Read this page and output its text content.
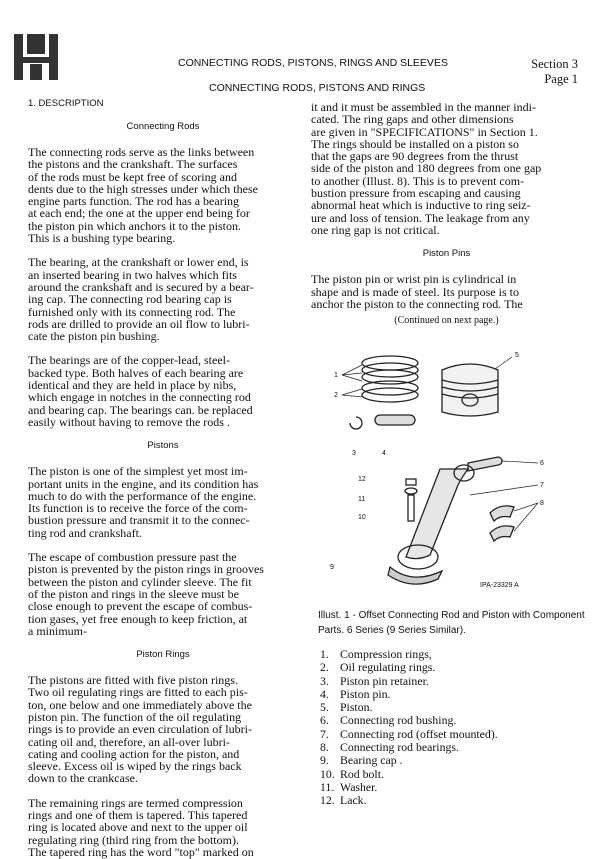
CONNECTING RODS, PISTONS, RINGS AND SLEEVES	Section 3
Page 1
CONNECTING RODS, PISTONS AND RINGS

1. DESCRIPTION

Connecting Rods

The connecting rods serve as the links between
the pistons and the crankshaft. The surfaces
of the rods must be kept free of scoring and
dents due to the high stresses under which these
engine parts function. The rod has a bearing
at each end; the one at the upper end being for
the piston pin which anchors it to the piston.
This is a bushing type bearing.

The bearing, at the crankshaft or lower end, is
an inserted bearing in two halves which fits
around the crankshaft and is secured by a bear-
ing cap. The connecting rod bearing cap is
furnished only with its connecting rod. The
rods are drilled to provide an oil flow to lubri-
cate the piston pin bushing.

The bearings are of the copper-lead, steel-
backed type. Both halves of each bearing are
identical and they are held in place by nibs,
which engage in notches in the connecting rod
and bearing cap. The bearings can. be replaced
easily without having to remove the rods .

Pistons

The piston is one of the simplest yet most im-
portant units in the engine, and its condition has
much to do with the performance of the engine.
Its function is to receive the force of the com-
bustion pressure and transmit it to the connec-
ting rod and crankshaft.

The escape of combustion pressure past the
piston is prevented by the piston rings in grooves
between the piston and cylinder sleeve. The fit
of the piston and rings in the sleeve must be
close enough to prevent the escape of combus-
tion gases, yet free enough to keep friction, at
a minimum-

Piston Rings

The pistons are fitted with five piston rings.
Two oil regulating rings are fitted to each pis-
ton, one below and one immediately above the
piston pin. The function of the oil regulating
rings is to provide an even circulation of lubri-
cating oil and, therefore, an all-over lubri-
cating and cooling action for the piston, and
sleeve. Excess oil is wiped by the rings back
down to the crankcase.

The remaining rings are termed compression
rings and one of them is tapered. This tapered
ring is located above and next to the upper oil
regulating ring (third ring from the bottom).
The tapered ring has the word "top" marked on

it and it must be assembled in the manner indi-
cated. The ring gaps and other dimensions
are given in "SPECIFICATIONS" in Section 1.
The rings should be installed on a piston so
that the gaps are 90 degrees from the thrust
side of the piston and 180 degrees from one gap
to another (Illust. 8). This is to prevent com-
bustion pressure from escaping and causing
abnormal heat which is inductive to ring seiz-
ure and loss of tension. The leakage from any
one ring gap is not critical.

Piston Pins

The piston pin or wrist pin is cylindrical in
shape and is made of steel. Its purpose is to
anchor the piston to the connecting rod. The

(Continued on next page.)

1
2
3	4
5
6
7
8
9
10
11
12
IPA-23329 A
Illust. 1 - Offset Connecting Rod and Piston with Component Parts. 6 Series (9 Series Similar).
1. Compression rings,
2. Oil regulating rings.
3. Piston pin retainer.
4. Piston pin.
5. Piston.
6. Connecting rod bushing.
7. Connecting rod (offset mounted).
8. Connecting rod bearings.
9. Bearing cap .
10. Rod bolt.
11. Washer.
12. Lack.
